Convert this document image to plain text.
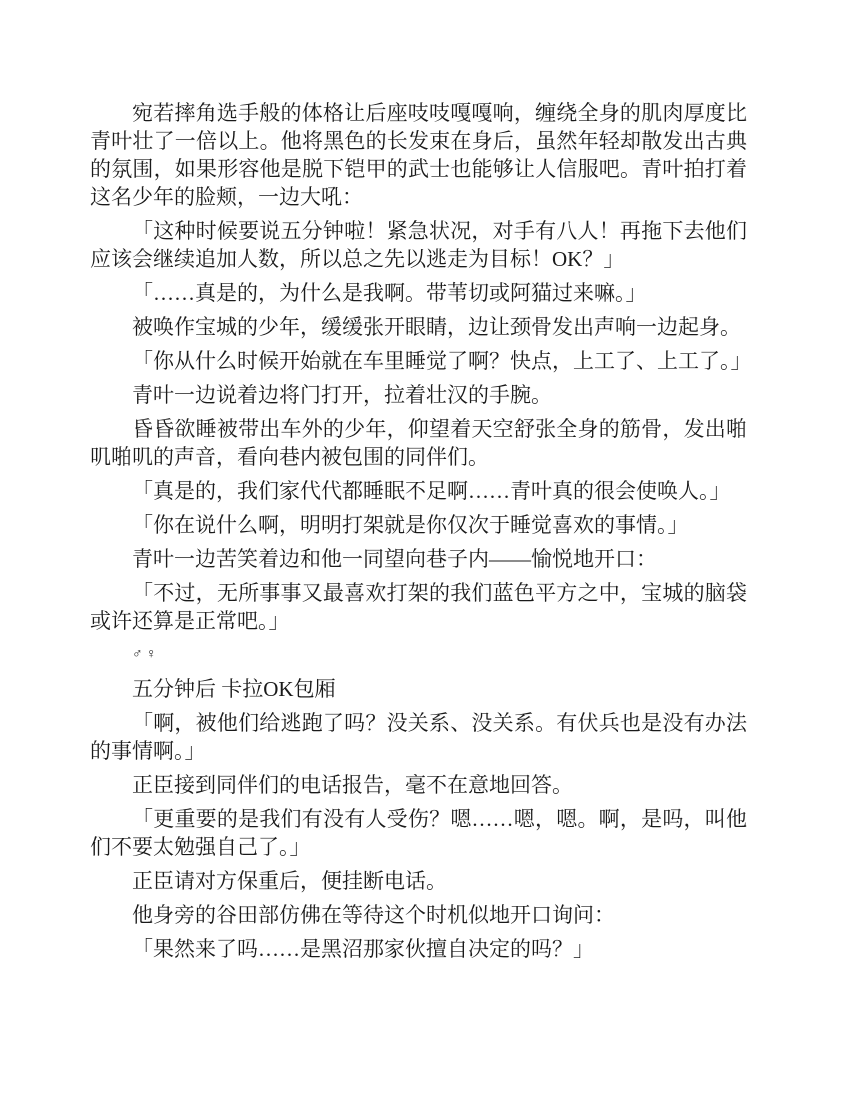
宛若摔角选手般的体格让后座吱吱嘎嘎响，缠绕全身的肌肉厚度比青叶壮了一倍以上。他将黑色的长发束在身后，虽然年轻却散发出古典的氛围，如果形容他是脱下铠甲的武士也能够让人信服吧。青叶拍打着这名少年的脸颊，一边大吼：

「这种时候要说五分钟啦！紧急状况，对手有八人！再拖下去他们应该会继续追加人数，所以总之先以逃走为目标！OK？」

「……真是的，为什么是我啊。带苇切或阿猫过来嘛。」

被唤作宝城的少年，缓缓张开眼睛，边让颈骨发出声响一边起身。

「你从什么时候开始就在车里睡觉了啊？快点，上工了、上工了。」

青叶一边说着边将门打开，拉着壮汉的手腕。

昏昏欲睡被带出车外的少年，仰望着天空舒张全身的筋骨，发出啪叽啪叽的声音，看向巷内被包围的同伴们。

「真是的，我们家代代都睡眠不足啊……青叶真的很会使唤人。」

「你在说什么啊，明明打架就是你仅次于睡觉喜欢的事情。」

青叶一边苦笑着边和他一同望向巷子内——愉悦地开口：

「不过，无所事事又最喜欢打架的我们蓝色平方之中，宝城的脑袋或许还算是正常吧。」

♂ ♀

五分钟后 卡拉OK包厢

「啊，被他们给逃跑了吗？没关系、没关系。有伏兵也是没有办法的事情啊。」

正臣接到同伴们的电话报告，毫不在意地回答。

「更重要的是我们有没有人受伤？嗯……嗯，嗯。啊，是吗，叫他们不要太勉强自己了。」

正臣请对方保重后，便挂断电话。

他身旁的谷田部仿佛在等待这个时机似地开口询问：

「果然来了吗……是黑沼那家伙擅自决定的吗？」
